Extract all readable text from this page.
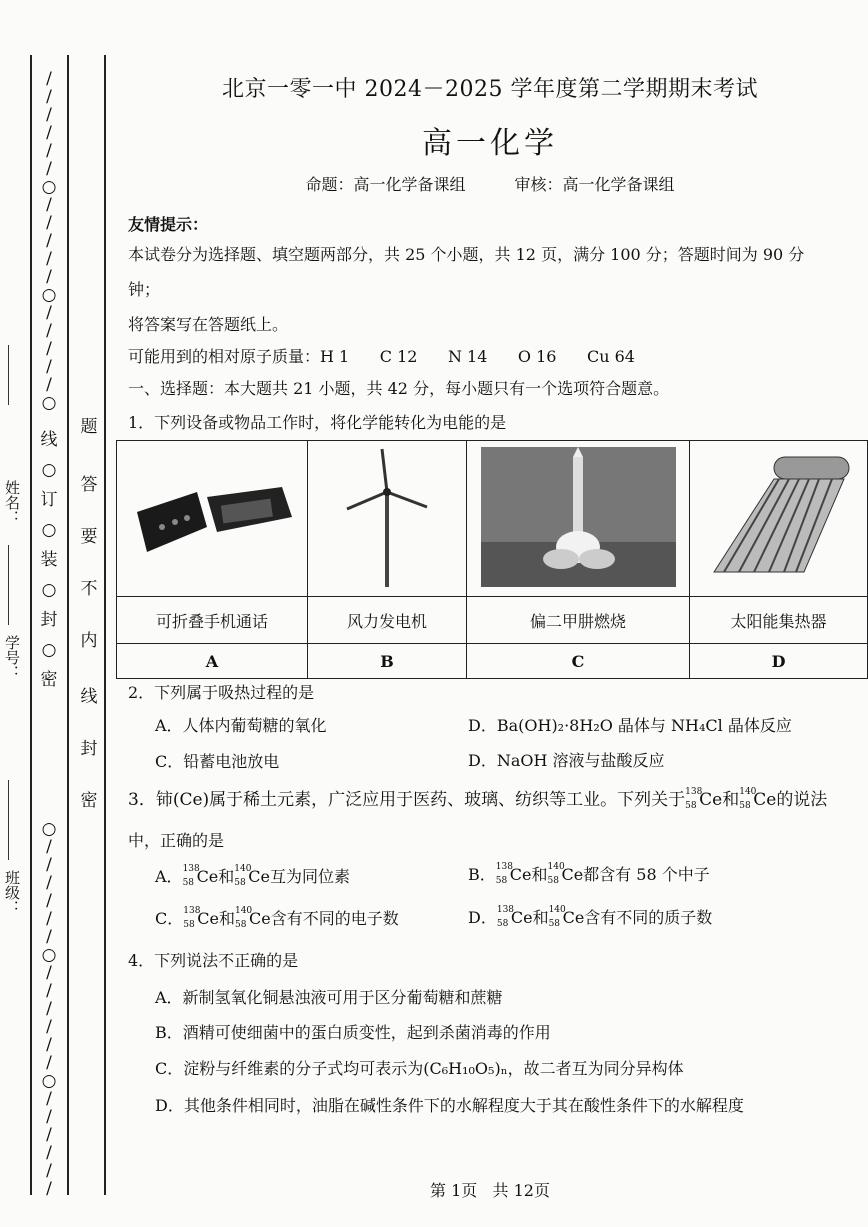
/
/
/
/
/
/
○
/
/
/
/
/
○
/
/
/
/
/
○
线
○
订
○
装
○
封
○
密
○
/
/
/
/
/
/
○
/
/
/
/
/
/
○
/
/
/
/
/
/
题
答
要
不
内
线
封
密
姓名：
学号：
班级：
北京一零一中 2024－2025 学年度第二学期期末考试
高一化学
命题：高一化学备课组	审核：高一化学备课组
友情提示：
本试卷分为选择题、填空题两部分，共 25 个小题，共 12 页，满分 100 分；答题时间为 90 分
钟；
将答案写在答题纸上。
可能用到的相对原子质量：H 1      C 12      N 14      O 16      Cu 64
一、选择题：本大题共 21 小题，共 42 分，每小题只有一个选项符合题意。
1．下列设备或物品工作时，将化学能转化为电能的是

可折叠手机通话	风力发电机	偏二甲肼燃烧	太阳能集热器
A	B	C	D
2．下列属于吸热过程的是
A．人体内葡萄糖的氧化	D．Ba(OH)₂·8H₂O 晶体与 NH₄Cl 晶体反应
C．铅蓄电池放电	D．NaOH 溶液与盐酸反应
3．铈(Ce)属于稀土元素，广泛应用于医药、玻璃、纺织等工业。下列关于 138
58 Ce和 140
58 Ce的说法
中，正确的是
A． 138
58 Ce和 140
58 Ce互为同位素	B． 138
58 Ce和 140
58 Ce都含有 58 个中子
C． 138
58 Ce和 140
58 Ce含有不同的电子数	D． 138
58 Ce和 140
58 Ce含有不同的质子数
4．下列说法不正确的是
A．新制氢氧化铜悬浊液可用于区分葡萄糖和蔗糖
B．酒精可使细菌中的蛋白质变性，起到杀菌消毒的作用
C．淀粉与纤维素的分子式均可表示为(C₆H₁₀O₅)ₙ，故二者互为同分异构体
D．其他条件相同时，油脂在碱性条件下的水解程度大于其在酸性条件下的水解程度
第 1页   共 12页
